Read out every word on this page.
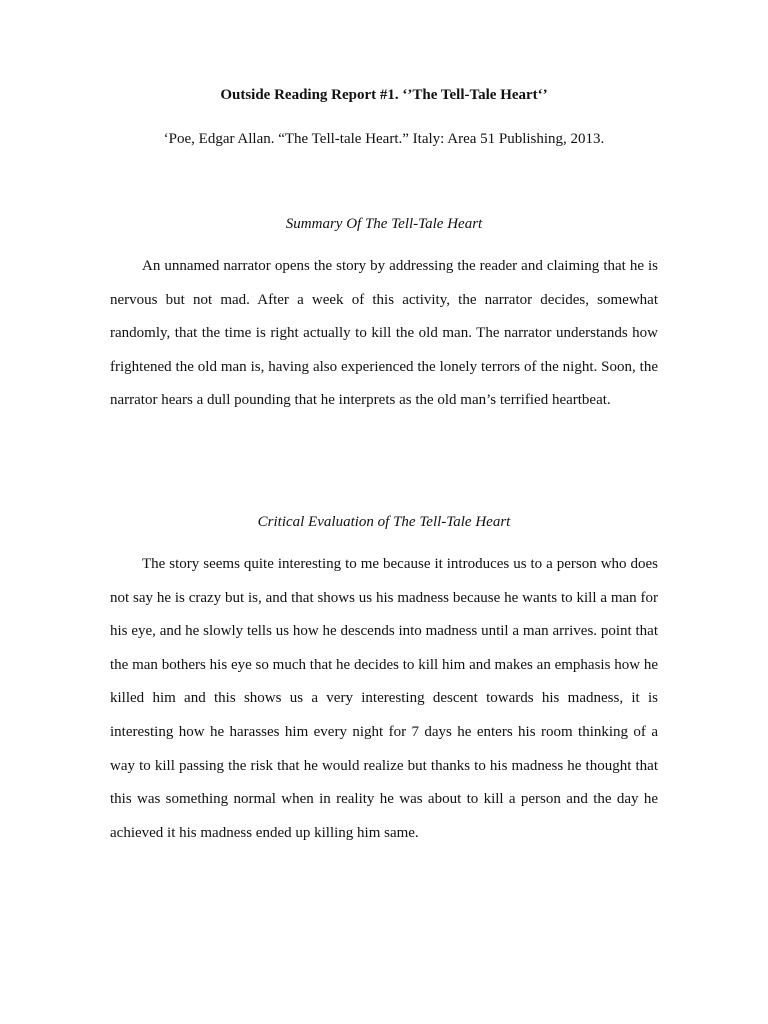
Outside Reading Report #1. ‘’The Tell-Tale Heart‘’
‘Poe, Edgar Allan. “The Tell-tale Heart.” Italy: Area 51 Publishing, 2013.
Summary Of The Tell-Tale Heart

An unnamed narrator opens the story by addressing the reader and claiming that he is nervous but not mad. After a week of this activity, the narrator decides, somewhat randomly, that the time is right actually to kill the old man. The narrator understands how frightened the old man is, having also experienced the lonely terrors of the night. Soon, the narrator hears a dull pounding that he interprets as the old man’s terrified heartbeat.

Critical Evaluation of The Tell-Tale Heart

The story seems quite interesting to me because it introduces us to a person who does not say he is crazy but is, and that shows us his madness because he wants to kill a man for his eye, and he slowly tells us how he descends into madness until a man arrives. point that the man bothers his eye so much that he decides to kill him and makes an emphasis how he killed him and this shows us a very interesting descent towards his madness, it is interesting how he harasses him every night for 7 days he enters his room thinking of a way to kill passing the risk that he would realize but thanks to his madness he thought that this was something normal when in reality he was about to kill a person and the day he achieved it his madness ended up killing him same.
